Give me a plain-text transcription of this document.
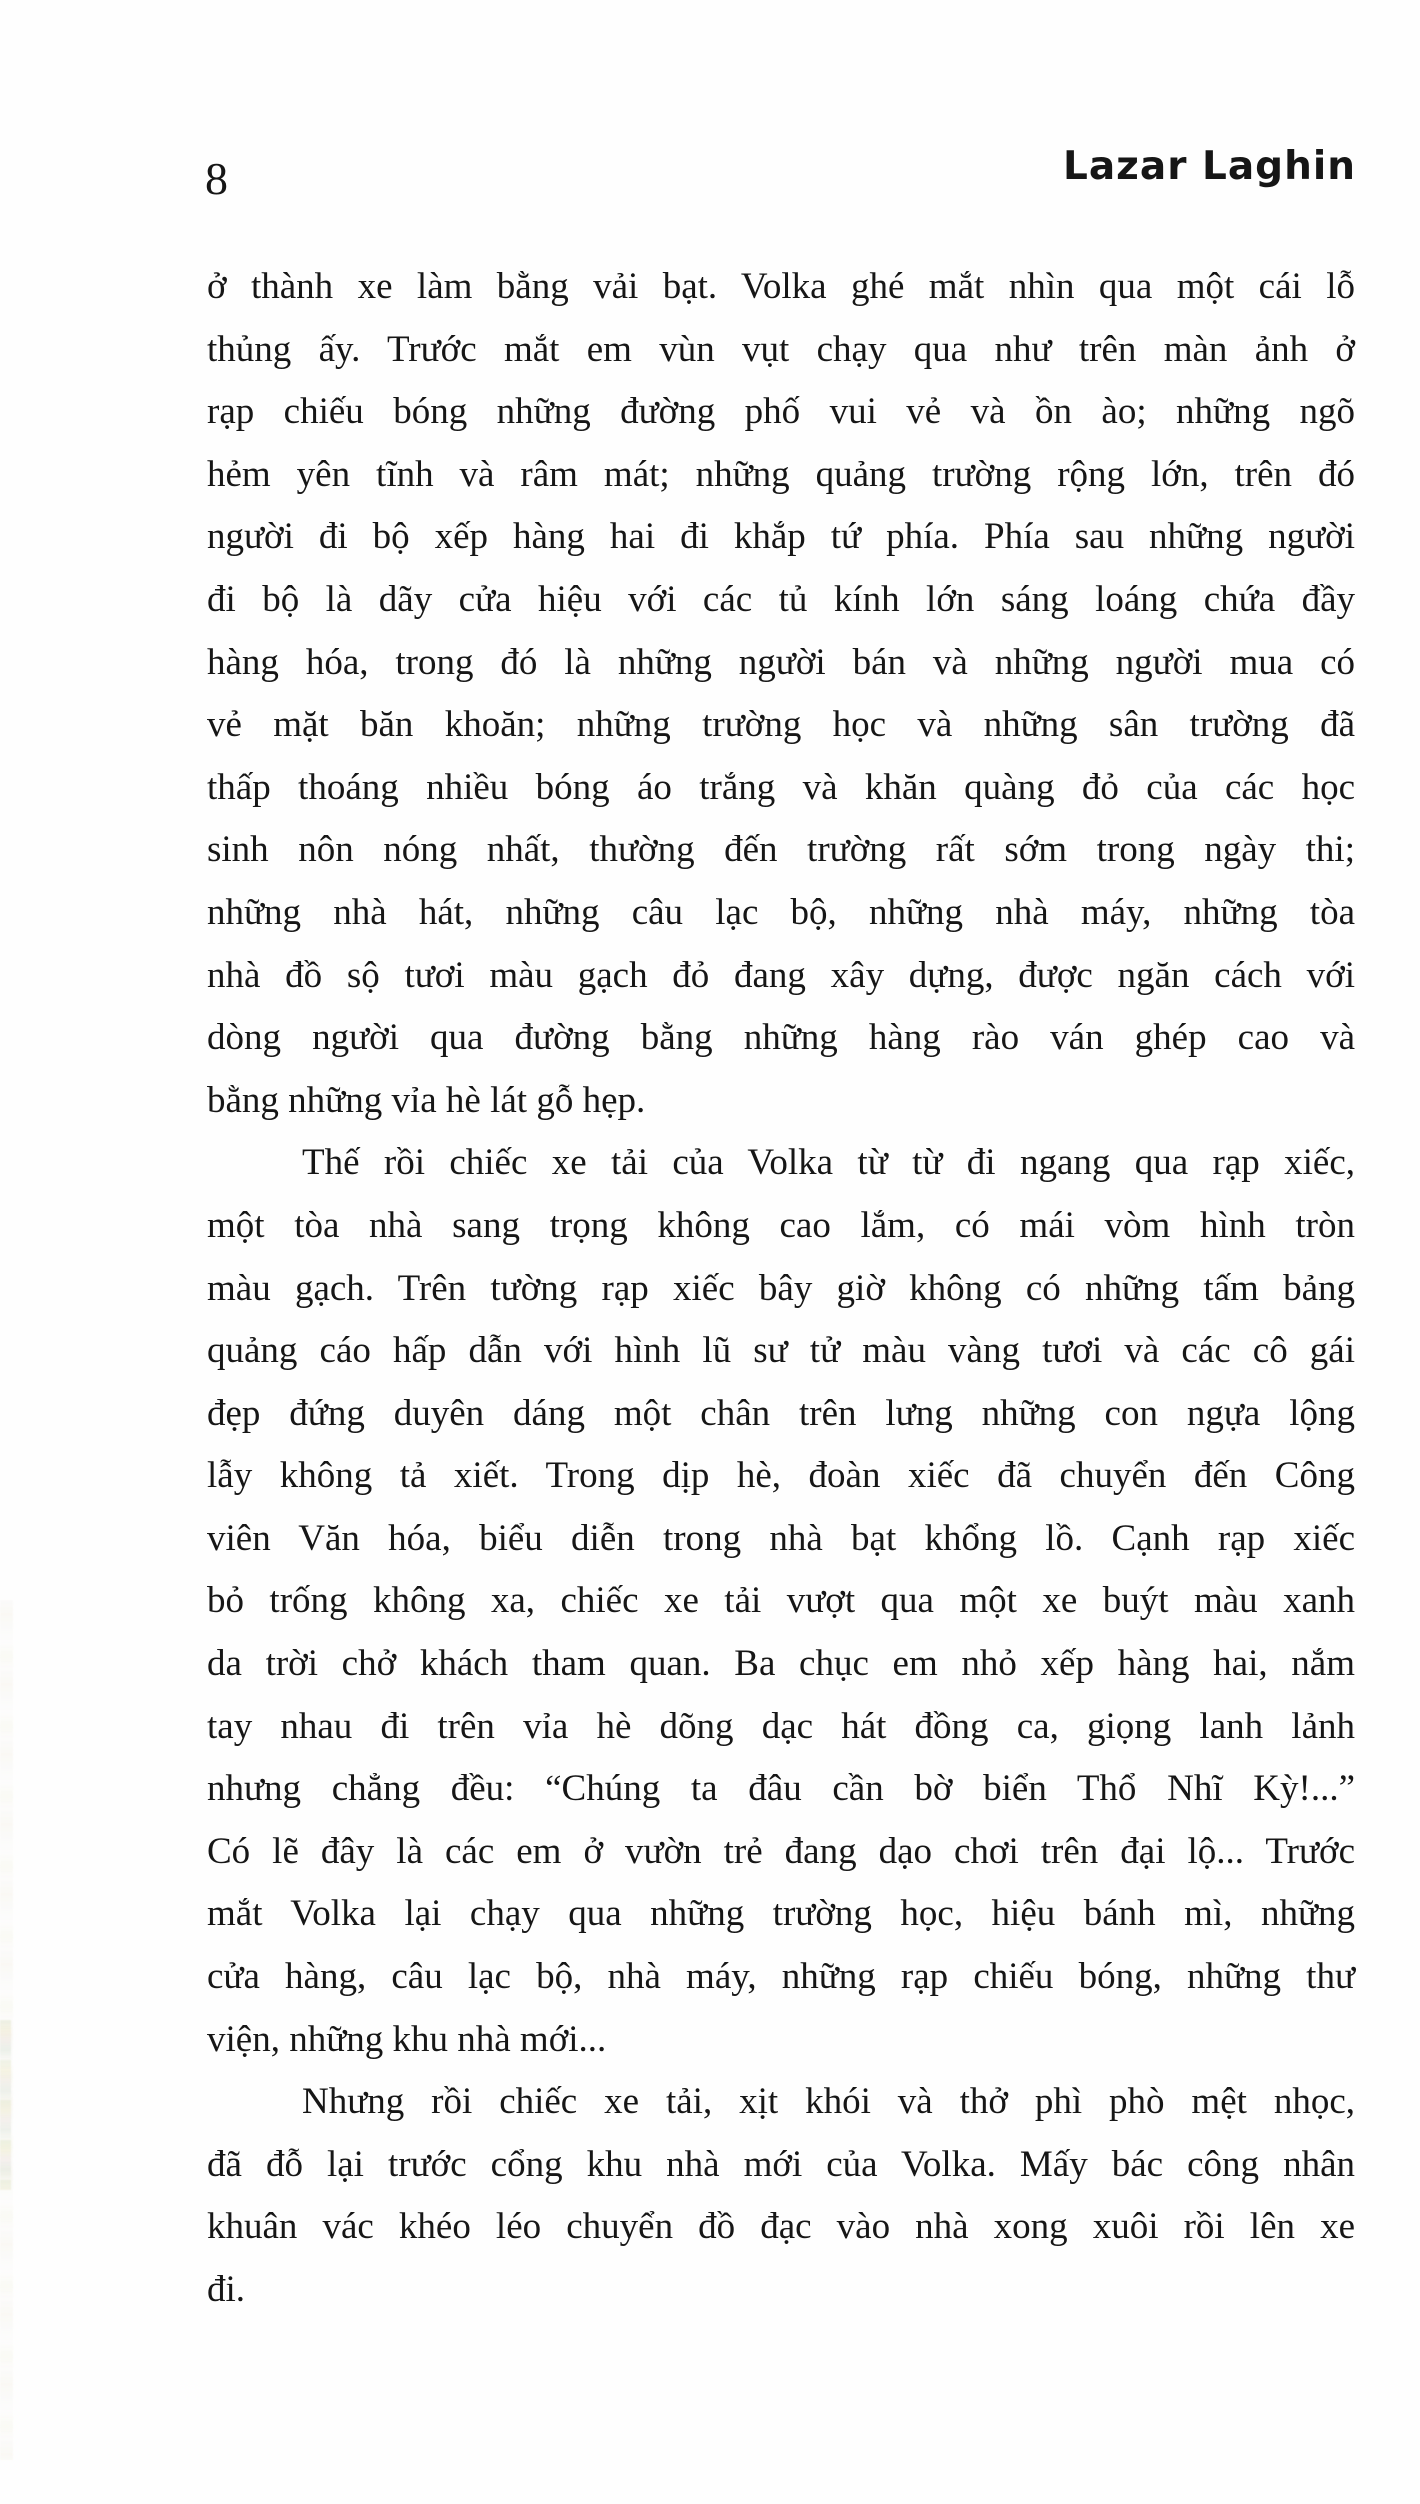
8	Lazar Laghin
ở thành xe làm bằng vải bạt. Volka ghé mắt nhìn qua một cái lỗ
thủng ấy. Trước mắt em vùn vụt chạy qua như trên màn ảnh ở
rạp chiếu bóng những đường phố vui vẻ và ồn ào; những ngõ
hẻm yên tĩnh và râm mát; những quảng trường rộng lớn, trên đó
người đi bộ xếp hàng hai đi khắp tứ phía. Phía sau những người
đi bộ là dãy cửa hiệu với các tủ kính lớn sáng loáng chứa đầy
hàng hóa, trong đó là những người bán và những người mua có
vẻ mặt băn khoăn; những trường học và những sân trường đã
thấp thoáng nhiều bóng áo trắng và khăn quàng đỏ của các học
sinh nôn nóng nhất, thường đến trường rất sớm trong ngày thi;
những nhà hát, những câu lạc bộ, những nhà máy, những tòa
nhà đồ sộ tươi màu gạch đỏ đang xây dựng, được ngăn cách với
dòng người qua đường bằng những hàng rào ván ghép cao và
bằng những vỉa hè lát gỗ hẹp.
Thế rồi chiếc xe tải của Volka từ từ đi ngang qua rạp xiếc,
một tòa nhà sang trọng không cao lắm, có mái vòm hình tròn
màu gạch. Trên tường rạp xiếc bây giờ không có những tấm bảng
quảng cáo hấp dẫn với hình lũ sư tử màu vàng tươi và các cô gái
đẹp đứng duyên dáng một chân trên lưng những con ngựa lộng
lẫy không tả xiết. Trong dịp hè, đoàn xiếc đã chuyển đến Công
viên Văn hóa, biểu diễn trong nhà bạt khổng lồ. Cạnh rạp xiếc
bỏ trống không xa, chiếc xe tải vượt qua một xe buýt màu xanh
da trời chở khách tham quan. Ba chục em nhỏ xếp hàng hai, nắm
tay nhau đi trên vỉa hè dõng dạc hát đồng ca, giọng lanh lảnh
nhưng chẳng đều: “Chúng ta đâu cần bờ biển Thổ Nhĩ Kỳ!...”
Có lẽ đây là các em ở vườn trẻ đang dạo chơi trên đại lộ... Trước
mắt Volka lại chạy qua những trường học, hiệu bánh mì, những
cửa hàng, câu lạc bộ, nhà máy, những rạp chiếu bóng, những thư
viện, những khu nhà mới...
Nhưng rồi chiếc xe tải, xịt khói và thở phì phò mệt nhọc,
đã đỗ lại trước cổng khu nhà mới của Volka. Mấy bác công nhân
khuân vác khéo léo chuyển đồ đạc vào nhà xong xuôi rồi lên xe
đi.
